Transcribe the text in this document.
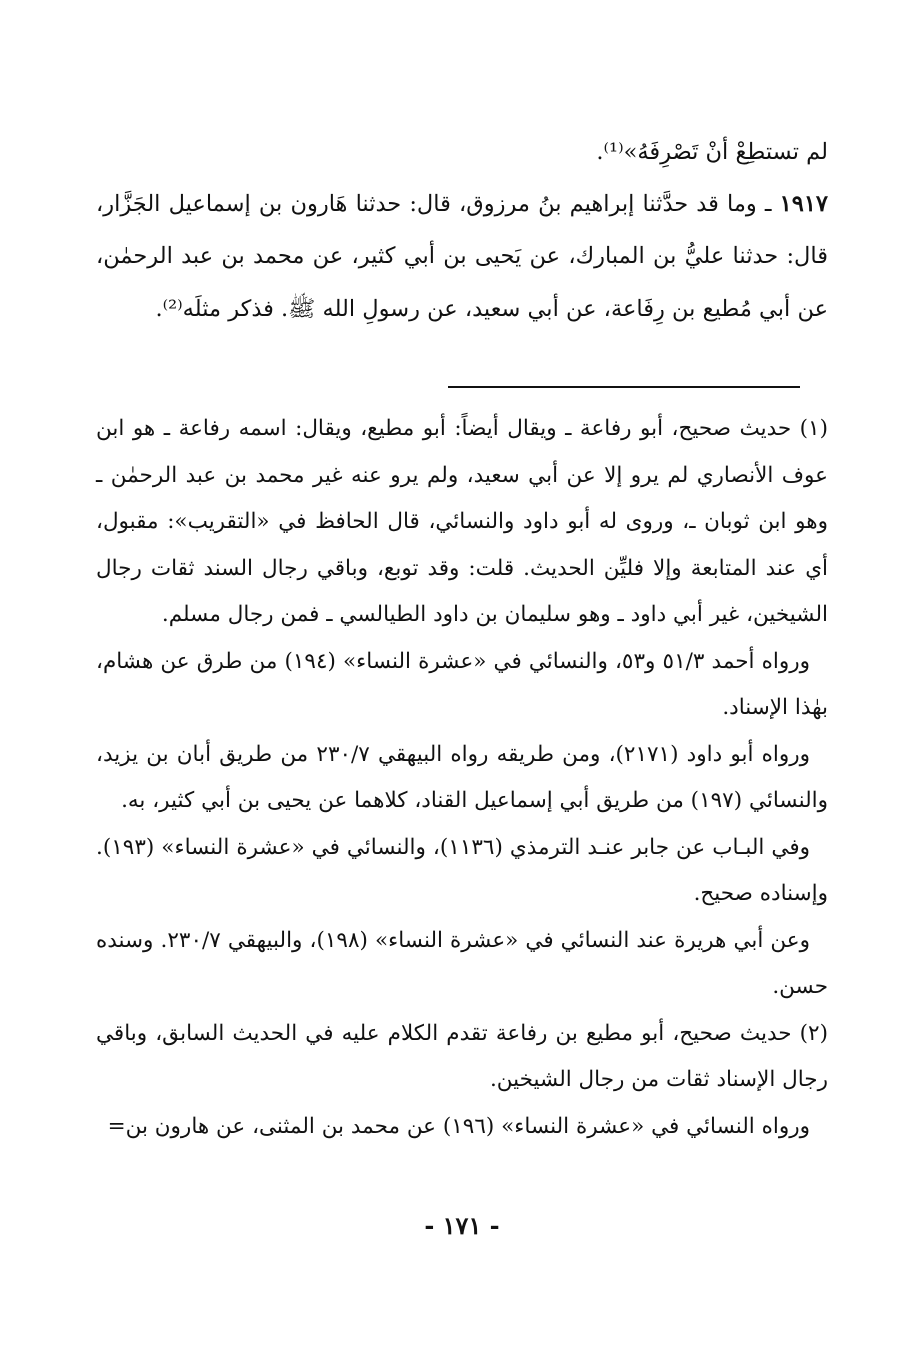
لم تستطِعْ أنْ تَصْرِفَهُ»⁽¹⁾.

١٩١٧ ـ وما قد حدَّثنا إبراهيم بنُ مرزوق، قال: حدثنا هَارون بن إسماعيل الجَزَّار، قال: حدثنا عليُّ بن المبارك، عن يَحيى بن أبي كثير، عن محمد بن عبد الرحمٰن، عن أبي مُطيع بن رِفَاعة، عن أبي سعيد، عن رسولِ الله ﷺ. فذكر مثلَه⁽²⁾.

(١) حديث صحيح، أبو رفاعة ـ ويقال أيضاً: أبو مطيع، ويقال: اسمه رفاعة ـ هو ابن عوف الأنصاري لم يرو إلا عن أبي سعيد، ولم يرو عنه غير محمد بن عبد الرحمٰن ـ وهو ابن ثوبان ـ، وروى له أبو داود والنسائي، قال الحافظ في «التقريب»: مقبول، أي عند المتابعة وإلا فليِّن الحديث. قلت: وقد توبع، وباقي رجال السند ثقات رجال الشيخين، غير أبي داود ـ وهو سليمان بن داود الطيالسي ـ فمن رجال مسلم.

ورواه أحمد ٥١/٣ و٥٣، والنسائي في «عشرة النساء» (١٩٤) من طرق عن هشام، بهٰذا الإسناد.

ورواه أبو داود (٢١٧١)، ومن طريقه رواه البيهقي ٢٣٠/٧ من طريق أبان بن يزيد، والنسائي (١٩٧) من طريق أبي إسماعيل القناد، كلاهما عن يحيى بن أبي كثير، به.

وفي البـاب عن جابر عنـد الترمذي (١١٣٦)، والنسائي في «عشرة النساء» (١٩٣). وإسناده صحيح.

وعن أبي هريرة عند النسائي في «عشرة النساء» (١٩٨)، والبيهقي ٢٣٠/٧. وسنده حسن.

(٢) حديث صحيح، أبو مطيع بن رفاعة تقدم الكلام عليه في الحديث السابق، وباقي رجال الإسناد ثقات من رجال الشيخين.

ورواه النسائي في «عشرة النساء» (١٩٦) عن محمد بن المثنى، عن هارون بن=

- ١٧١ -
